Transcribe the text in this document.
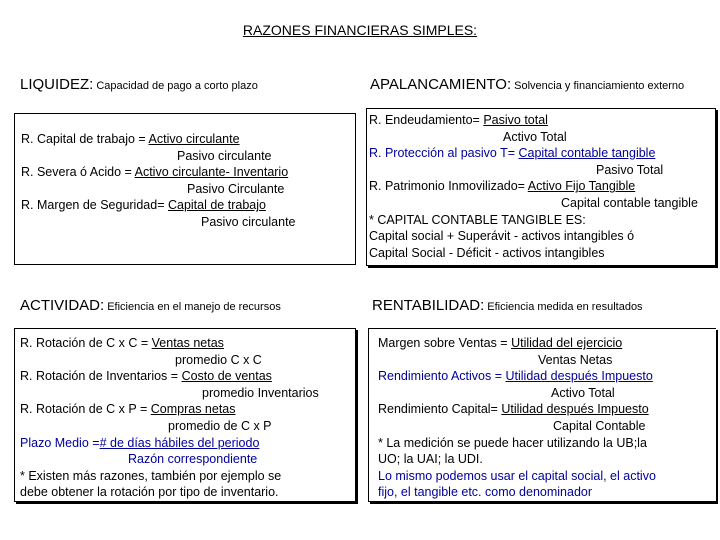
RAZONES FINANCIERAS SIMPLES:
LIQUIDEZ: Capacidad de pago a corto plazo
R. Capital de trabajo = Activo circulante
Pasivo circulante
R. Severa ó Acido = Activo circulante- Inventario
Pasivo Circulante
R. Margen de Seguridad= Capital de trabajo
Pasivo circulante
APALANCAMIENTO: Solvencia y financiamiento externo
R. Endeudamiento= Pasivo total
Activo Total
R. Protección al pasivo T= Capital contable tangible
Pasivo Total
R. Patrimonio Inmovilizado= Activo Fijo Tangible
Capital contable tangible
* CAPITAL CONTABLE TANGIBLE ES:
Capital social + Superávit - activos intangibles ó
Capital Social - Déficit - activos intangibles
ACTIVIDAD: Eficiencia en el manejo de recursos
R. Rotación de C x C = Ventas netas
promedio C x C
R. Rotación de Inventarios = Costo de ventas
promedio Inventarios
R. Rotación de C x P = Compras netas
promedio de C x P
Plazo Medio =# de días hábiles del periodo
Razón correspondiente
* Existen más razones, también por ejemplo se
debe obtener la rotación por tipo de inventario.
RENTABILIDAD: Eficiencia medida en resultados
Margen sobre Ventas = Utilidad del ejercicio
Ventas Netas
Rendimiento Activos = Utilidad después Impuesto
Activo Total
Rendimiento Capital= Utilidad después Impuesto
Capital Contable
* La medición se puede hacer utilizando la UB;la
UO; la UAI; la UDI.
Lo mismo podemos usar el capital social, el activo
fijo, el tangible etc. como denominador
